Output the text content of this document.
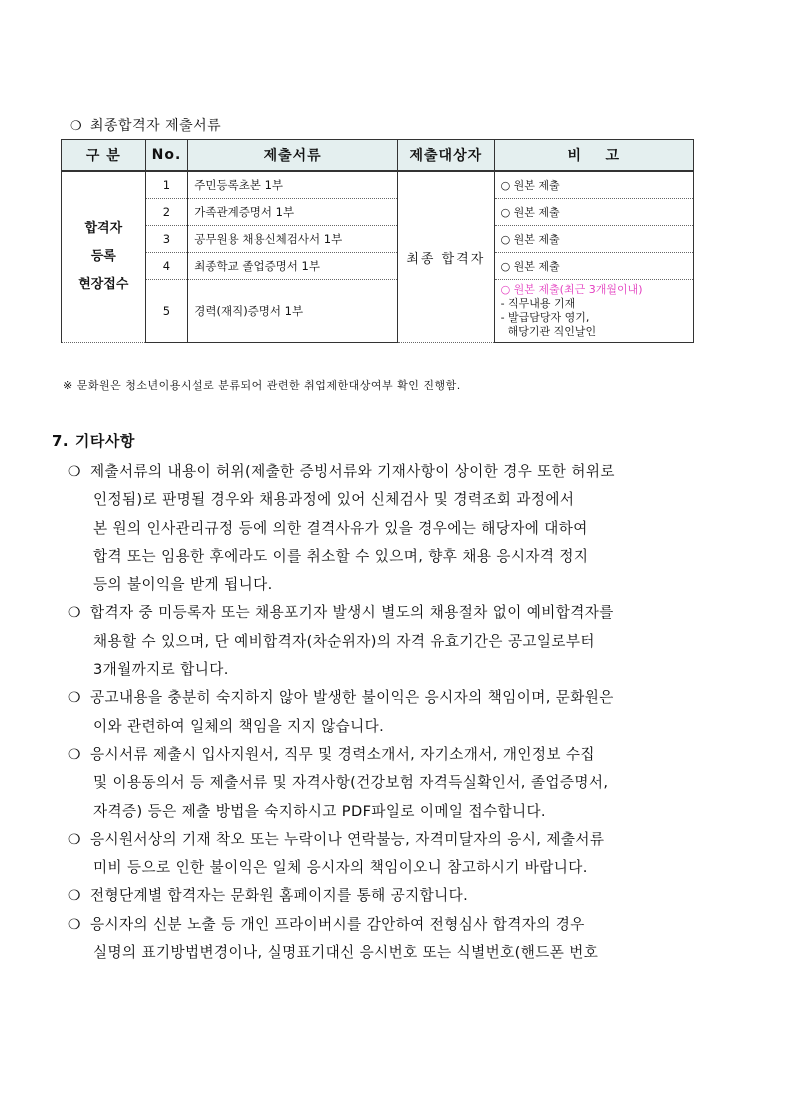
❍ 최종합격자 제출서류
구 분	No.	제출서류	제출대상자	비    고

합격자
등록
현장접수	1	주민등록초본 1부	최종 합격자	○ 원본 제출
	2	가족관계증명서 1부		○ 원본 제출
	3	공무원용 채용신체검사서 1부		○ 원본 제출
	4	최종학교 졸업증명서 1부		○ 원본 제출
	5	경력(재직)증명서 1부		○ 원본 제출(최근 3개월이내)
- 직무내용 기재
- 발급담당자 영기,
해당기관 직인날인
※ 문화원은 청소년이용시설로 분류되어 관련한 취업제한대상여부 확인 진행함.
7. 기타사항
❍ 제출서류의 내용이 허위(제출한 증빙서류와 기재사항이 상이한 경우 또한 허위로
인정됨)로 판명될 경우와 채용과정에 있어 신체검사 및 경력조회 과정에서
본 원의 인사관리규정 등에 의한 결격사유가 있을 경우에는 해당자에 대하여
합격 또는 임용한 후에라도 이를 취소할 수 있으며, 향후 채용 응시자격 정지
등의 불이익을 받게 됩니다.
❍ 합격자 중 미등록자 또는 채용포기자 발생시 별도의 채용절차 없이 예비합격자를
채용할 수 있으며, 단 예비합격자(차순위자)의 자격 유효기간은 공고일로부터
3개월까지로 합니다.
❍ 공고내용을 충분히 숙지하지 않아 발생한 불이익은 응시자의 책임이며, 문화원은
이와 관련하여 일체의 책임을 지지 않습니다.
❍ 응시서류 제출시 입사지원서, 직무 및 경력소개서, 자기소개서, 개인정보 수집
및 이용동의서 등 제출서류 및 자격사항(건강보험 자격득실확인서, 졸업증명서,
자격증) 등은 제출 방법을 숙지하시고 PDF파일로 이메일 접수합니다.
❍ 응시원서상의 기재 착오 또는 누락이나 연락불능, 자격미달자의 응시, 제출서류
미비 등으로 인한 불이익은 일체 응시자의 책임이오니 참고하시기 바랍니다.
❍ 전형단계별 합격자는 문화원 홈페이지를 통해 공지합니다.
❍ 응시자의 신분 노출 등 개인 프라이버시를 감안하여 전형심사 합격자의 경우
실명의 표기방법변경이나, 실명표기대신 응시번호 또는 식별번호(핸드폰 번호
